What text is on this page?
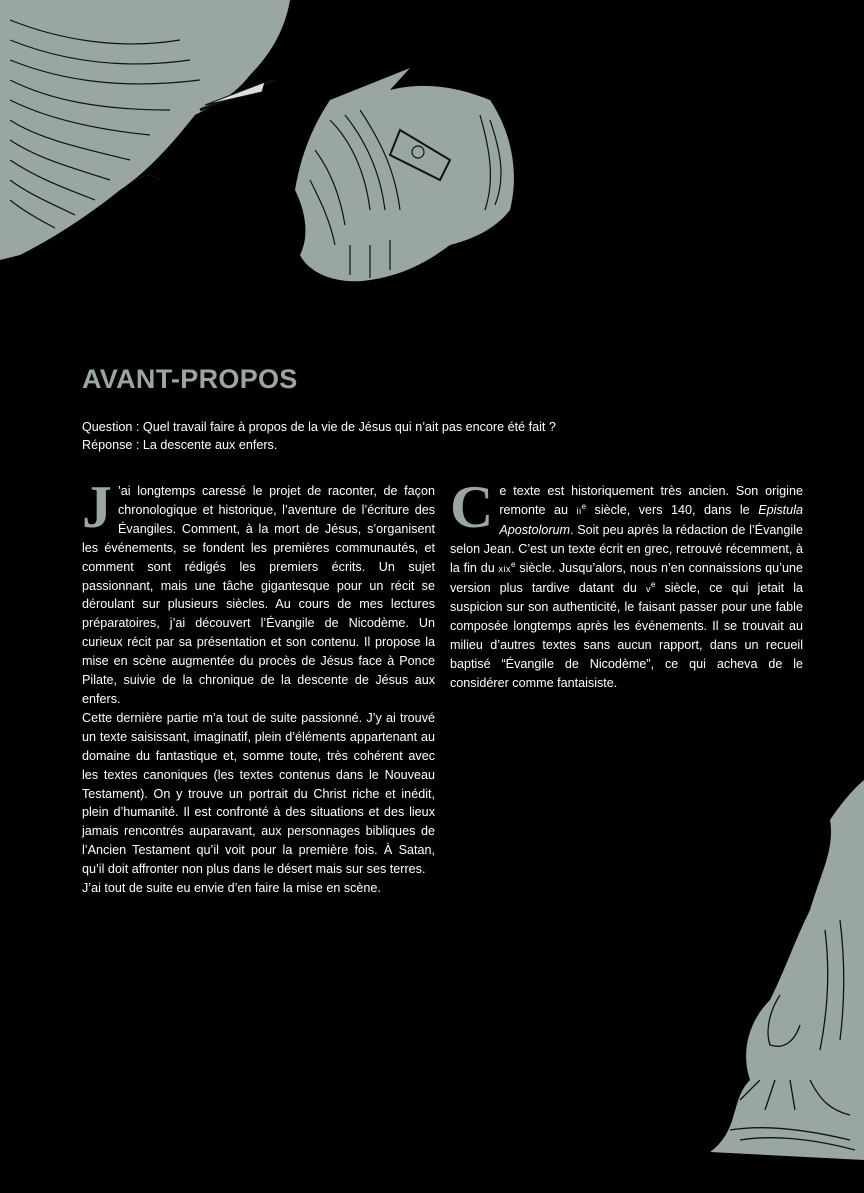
AVANT-PROPOS
Question : Quel travail faire à propos de la vie de Jésus qui n’ait pas encore été fait ?
Réponse : La descente aux enfers.

J ’ai longtemps caressé le projet de raconter, de façon chronologique et historique, l’aventure de l’écriture des Évangiles. Comment, à la mort de Jésus, s’organisent les événements, se fondent les premières communautés, et comment sont rédigés les premiers écrits. Un sujet passionnant, mais une tâche gigantesque pour un récit se déroulant sur plusieurs siècles. Au cours de mes lectures préparatoires, j’ai découvert l’Évangile de Nicodème. Un curieux récit par sa présentation et son contenu. Il propose la mise en scène augmentée du procès de Jésus face à Ponce Pilate, suivie de la chronique de la descente de Jésus aux enfers.

Cette dernière partie m’a tout de suite passionné. J’y ai trouvé un texte saisissant, imaginatif, plein d’éléments appartenant au domaine du fantastique et, somme toute, très cohérent avec les textes canoniques (les textes contenus dans le Nouveau Testament). On y trouve un portrait du Christ riche et inédit, plein d’humanité. Il est confronté à des situations et des lieux jamais rencontrés auparavant, aux personnages bibliques de l’Ancien Testament qu’il voit pour la première fois. À Satan, qu’il doit affronter non plus dans le désert mais sur ses terres.

J’ai tout de suite eu envie d’en faire la mise en scène.

Ce texte est historiquement très ancien. Son origine remonte au $ii^e$ siècle, vers 140, dans le Epistula Apostolorum. Soit peu après la rédaction de l’Évangile selon Jean. C’est un texte écrit en grec, retrouvé récemment, à la fin du xix$^e$ siècle. Jusqu’alors, nous n’en connaissions qu’une version plus tardive datant du $v^e$ siècle, ce qui jetait la suspicion sur son authenticité, le faisant passer pour une fable composée longtemps après les événements. Il se trouvait au milieu d’autres textes sans aucun rapport, dans un recueil baptisé “Évangile de Nicodème”, ce qui acheva de le considérer comme fantaisiste.
